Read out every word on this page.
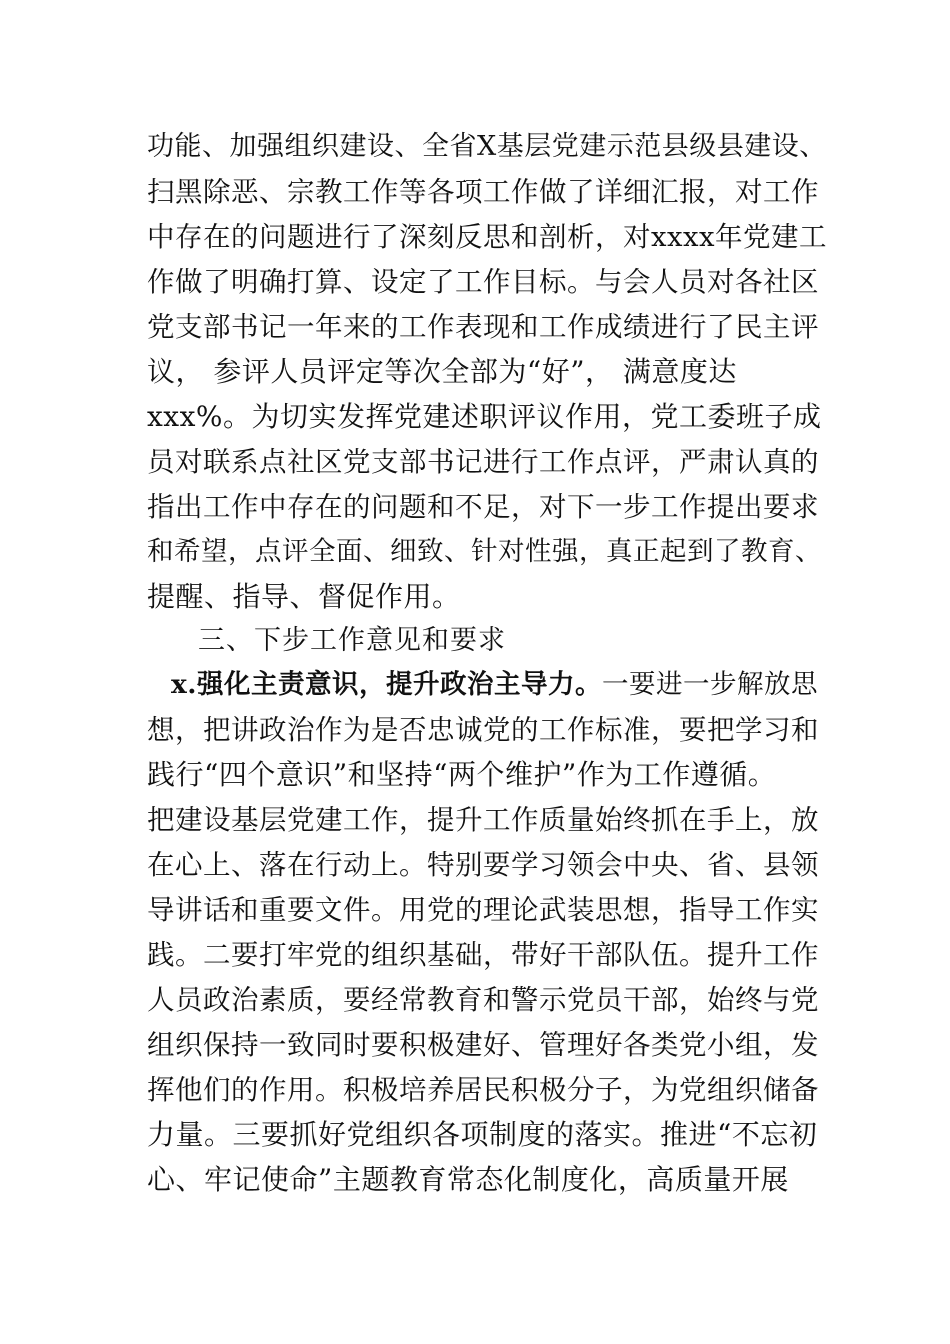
功能、加强组织建设、全省X基层党建示范县级县建设、
扫黑除恶、宗教工作等各项工作做了详细汇报，对工作
中存在的问题进行了深刻反思和剖析，对xxxx年党建工
作做了明确打算、设定了工作目标。与会人员对各社区
党支部书记一年来的工作表现和工作成绩进行了民主评
议， 参评人员评定等次全部为“好”， 满意度达
xxx%。为切实发挥党建述职评议作用，党工委班子成
员对联系点社区党支部书记进行工作点评，严肃认真的
指出工作中存在的问题和不足，对下一步工作提出要求
和希望，点评全面、细致、针对性强，真正起到了教育、
提醒、指导、督促作用。
三、下步工作意见和要求
x.强化主责意识，提升政治主导力。一要进一步解放思
想，把讲政治作为是否忠诚党的工作标准，要把学习和
践行“四个意识”和坚持“两个维护”作为工作遵循。
把建设基层党建工作，提升工作质量始终抓在手上，放
在心上、落在行动上。特别要学习领会中央、省、县领
导讲话和重要文件。用党的理论武装思想，指导工作实
践。二要打牢党的组织基础，带好干部队伍。提升工作
人员政治素质，要经常教育和警示党员干部，始终与党
组织保持一致同时要积极建好、管理好各类党小组，发
挥他们的作用。积极培养居民积极分子，为党组织储备
力量。三要抓好党组织各项制度的落实。推进“不忘初
心、牢记使命”主题教育常态化制度化，高质量开展
